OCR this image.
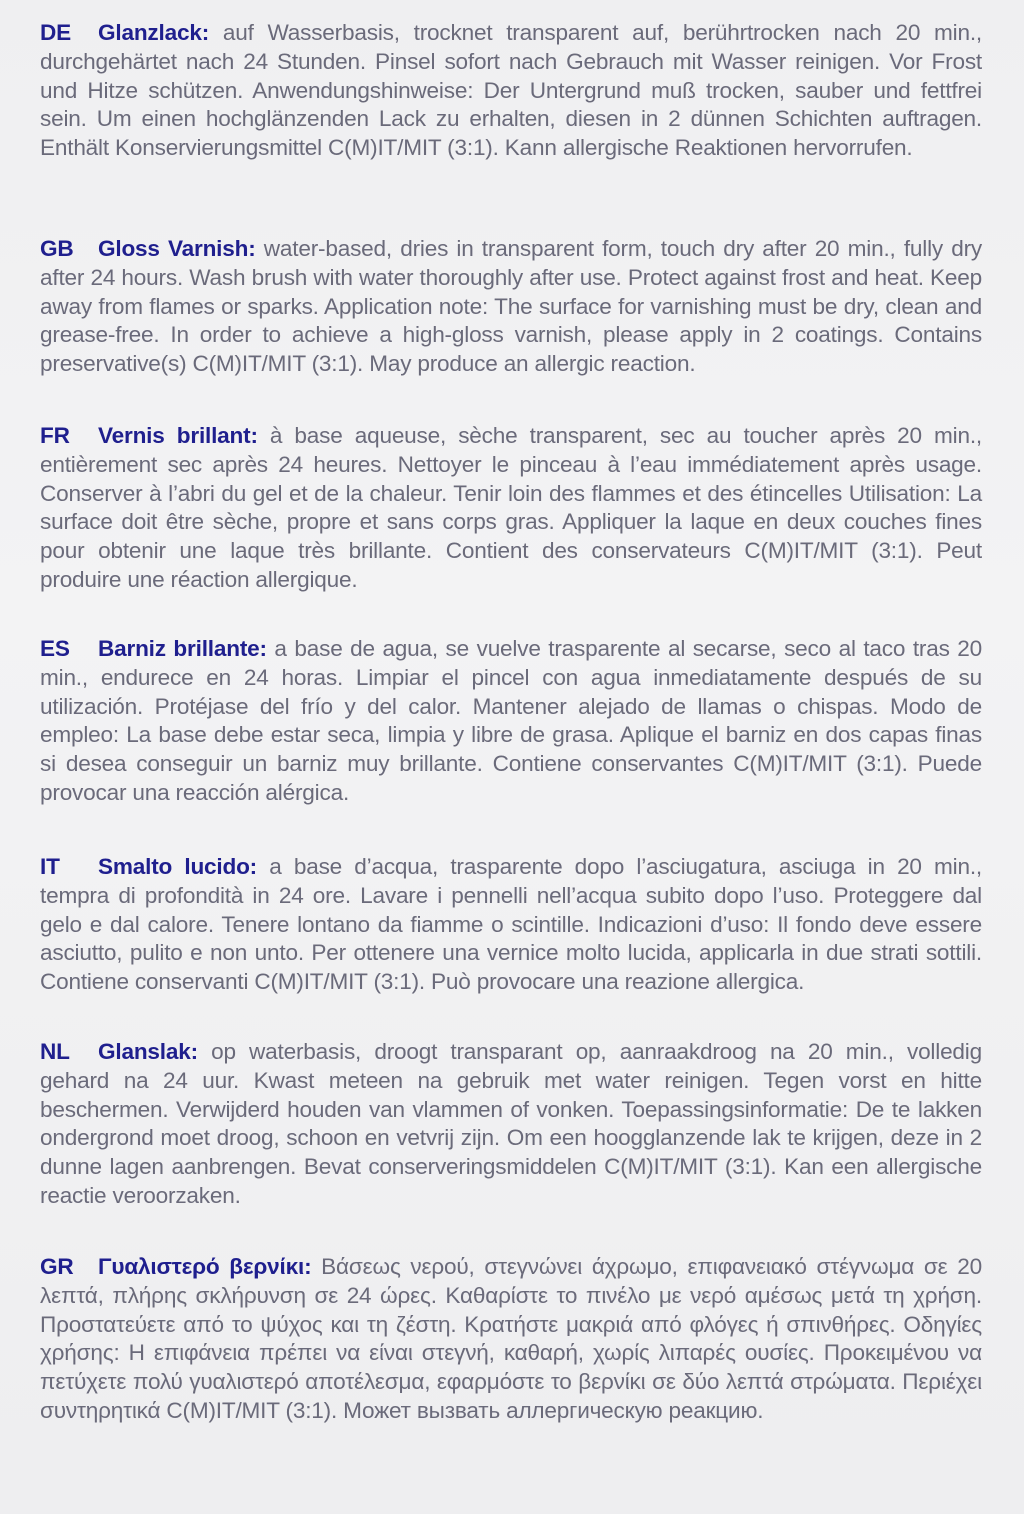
DE Glanzlack: auf Wasserbasis, trocknet transparent auf, berührtrocken nach 20 min., durchgehärtet nach 24 Stunden. Pinsel sofort nach Gebrauch mit Wasser reinigen. Vor Frost und Hitze schützen. Anwendungshinweise: Der Untergrund muß trocken, sauber und fettfrei sein. Um einen hochglänzenden Lack zu erhalten, diesen in 2 dünnen Schichten auftragen. Enthält Konservierungsmittel C(M)IT/MIT (3:1). Kann allergische Reaktionen hervorrufen.

GB Gloss Varnish: water-based, dries in transparent form, touch dry after 20 min., fully dry after 24 hours. Wash brush with water thoroughly after use. Protect against frost and heat. Keep away from flames or sparks. Application note: The surface for varnishing must be dry, clean and grease-free. In order to achieve a high-gloss varnish, please apply in 2 coatings. Contains preservative(s) C(M)IT/MIT (3:1). May produce an allergic reaction.

FR Vernis brillant: à base aqueuse, sèche transparent, sec au toucher après 20 min., entièrement sec après 24 heures. Nettoyer le pinceau à l’eau immédiatement après usage. Conserver à l’abri du gel et de la chaleur. Tenir loin des flammes et des étincelles Utilisation: La surface doit être sèche, propre et sans corps gras. Appliquer la laque en deux couches fines pour obtenir une laque très brillante. Contient des conservateurs C(M)IT/MIT (3:1). Peut produire une réaction allergique.

ES Barniz brillante: a base de agua, se vuelve trasparente al secarse, seco al taco tras 20 min., endurece en 24 horas. Limpiar el pincel con agua inmediatamente después de su utilización. Protéjase del frío y del calor. Mantener alejado de llamas o chispas. Modo de empleo: La base debe estar seca, limpia y libre de grasa. Aplique el barniz en dos capas finas si desea conseguir un barniz muy brillante. Contiene conservantes C(M)IT/MIT (3:1). Puede provocar una reacción alérgica.

IT Smalto lucido: a base d’acqua, trasparente dopo l’asciugatura, asciuga in 20 min., tempra di profondità in 24 ore. Lavare i pennelli nell’acqua subito dopo l’uso. Proteggere dal gelo e dal calore. Tenere lontano da fiamme o scintille. Indicazioni d’uso: Il fondo deve essere asciutto, pulito e non unto. Per ottenere una vernice molto lucida, applicarla in due strati sottili. Contiene conservanti C(M)IT/MIT (3:1). Può provocare una reazione allergica.

NL Glanslak: op waterbasis, droogt transparant op, aanraakdroog na 20 min., volledig gehard na 24 uur. Kwast meteen na gebruik met water reinigen. Tegen vorst en hitte beschermen. Verwijderd houden van vlammen of vonken. Toepassingsinformatie: De te lakken ondergrond moet droog, schoon en vetvrij zijn. Om een hoogglanzende lak te krijgen, deze in 2 dunne lagen aanbrengen. Bevat conserveringsmiddelen C(M)IT/MIT (3:1). Kan een allergische reactie veroorzaken.

GR Γυαλιστερό βερνίκι: Βάσεως νερού, στεγνώνει άχρωμο, επιφανειακό στέγνωμα σε 20 λεπτά, πλήρης σκλήρυνση σε 24 ώρες. Καθαρίστε το πινέλο με νερό αμέσως μετά τη χρήση. Προστατεύετε από το ψύχος και τη ζέστη. Κρατήστε μακριά από φλόγες ή σπινθήρες. Οδηγίες χρήσης: Η επιφάνεια πρέπει να είναι στεγνή, καθαρή, χωρίς λιπαρές ουσίες. Προκειμένου να πετύχετε πολύ γυαλιστερό αποτέλεσμα, εφαρμόστε το βερνίκι σε δύο λεπτά στρώματα. Περιέχει συντηρητικά C(M)IT/MIT (3:1). Может вызвать аллергическую реакцию.
